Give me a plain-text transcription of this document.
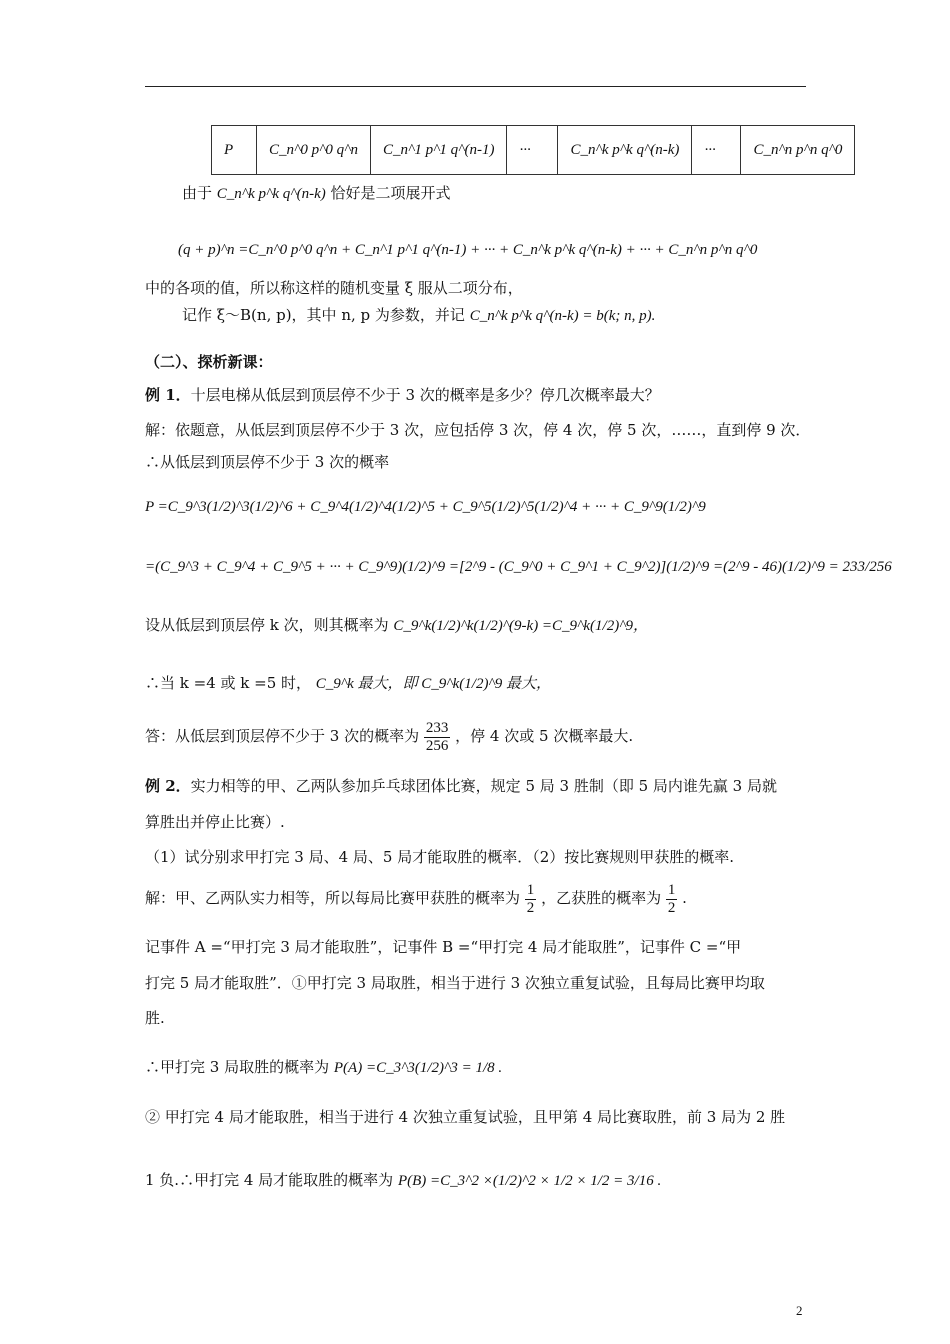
P	C_n^0 p^0 q^n	C_n^1 p^1 q^(n-1)	···	C_n^k p^k q^(n-k)	···	C_n^n p^n q^0
由于 C_n^k p^k q^(n-k) 恰好是二项展开式
(q + p)^n =C_n^0 p^0 q^n + C_n^1 p^1 q^(n-1) + ··· + C_n^k p^k q^(n-k) + ··· + C_n^n p^n q^0
中的各项的值，所以称这样的随机变量 ξ 服从二项分布，
记作 ξ～B(n, p)，其中 n, p 为参数，并记 C_n^k p^k q^(n-k) = b(k; n, p).
（二）、探析新课：
例 1．十层电梯从低层到顶层停不少于 3 次的概率是多少？停几次概率最大？
解：依题意，从低层到顶层停不少于 3 次，应包括停 3 次，停 4 次，停 5 次，……，直到停 9 次．
∴从低层到顶层停不少于 3 次的概率
P =C_9^3(1/2)^3(1/2)^6 + C_9^4(1/2)^4(1/2)^5 + C_9^5(1/2)^5(1/2)^4 + ··· + C_9^9(1/2)^9
=(C_9^3 + C_9^4 + C_9^5 + ··· + C_9^9)(1/2)^9 =[2^9 - (C_9^0 + C_9^1 + C_9^2)](1/2)^9 =(2^9 - 46)(1/2)^9 = 233/256
设从低层到顶层停 k 次，则其概率为 C_9^k(1/2)^k(1/2)^(9-k) =C_9^k(1/2)^9，
∴当 k =4 或 k =5 时， C_9^k 最大，即 C_9^k(1/2)^9 最大，
答：从低层到顶层停不少于 3 次的概率为 $\frac{233}{256}$ ，停 4 次或 5 次概率最大.
例 2．实力相等的甲、乙两队参加乒乓球团体比赛，规定 5 局 3 胜制（即 5 局内谁先赢 3 局就
算胜出并停止比赛）.
（1）试分别求甲打完 3 局、4 局、5 局才能取胜的概率．（2）按比赛规则甲获胜的概率.
解：甲、乙两队实力相等，所以每局比赛甲获胜的概率为 $\frac{1}{2}$ ，乙获胜的概率为 $\frac{1}{2}$ .
记事件 A =“甲打完 3 局才能取胜”，记事件 B =“甲打完 4 局才能取胜”，记事件 C =“甲
打完 5 局才能取胜”．①甲打完 3 局取胜，相当于进行 3 次独立重复试验，且每局比赛甲均取
胜.
∴甲打完 3 局取胜的概率为 P(A) =C_3^3(1/2)^3 = 1/8 .
② 甲打完 4 局才能取胜，相当于进行 4 次独立重复试验，且甲第 4 局比赛取胜，前 3 局为 2 胜
1 负.∴甲打完 4 局才能取胜的概率为 P(B) =C_3^2 ×(1/2)^2 × 1/2 × 1/2 = 3/16 .
2
